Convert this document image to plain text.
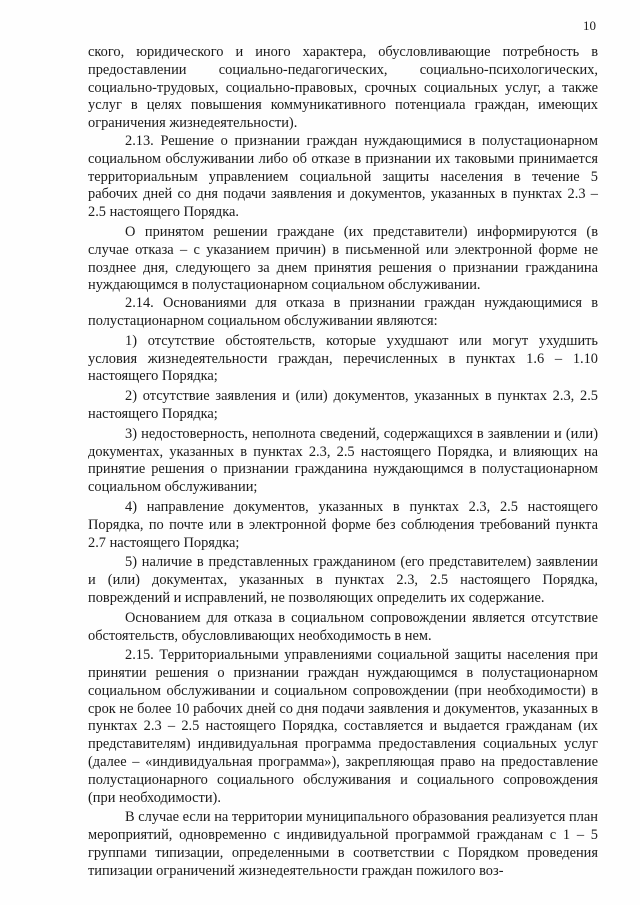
10

ского, юридического и иного характера, обусловливающие потребность в предоставлении социально-педагогических, социально-психологических, социально-трудовых, социально-правовых, срочных социальных услуг, а также услуг в целях повышения коммуникативного потенциала граждан, имеющих ограничения жизнедеятельности).

2.13. Решение о признании граждан нуждающимися в полустационарном социальном обслуживании либо об отказе в признании их таковыми принимается территориальным управлением социальной защиты населения в течение 5 рабочих дней со дня подачи заявления и документов, указанных в пунктах 2.3 – 2.5 настоящего Порядка.

О принятом решении граждане (их представители) информируются (в случае отказа – с указанием причин) в письменной или электронной форме не позднее дня, следующего за днем принятия решения о признании гражданина нуждающимся в полустационарном социальном обслуживании.

2.14. Основаниями для отказа в признании граждан нуждающимися в полустационарном социальном обслуживании являются:

1) отсутствие обстоятельств, которые ухудшают или могут ухудшить условия жизнедеятельности граждан, перечисленных в пунктах 1.6 – 1.10 настоящего Порядка;

2) отсутствие заявления и (или) документов, указанных в пунктах 2.3, 2.5 настоящего Порядка;

3) недостоверность, неполнота сведений, содержащихся в заявлении и (или) документах, указанных в пунктах 2.3, 2.5 настоящего Порядка, и влияющих на принятие решения о признании гражданина нуждающимся в полустационарном социальном обслуживании;

4) направление документов, указанных в пунктах 2.3, 2.5 настоящего Порядка, по почте или в электронной форме без соблюдения требований пункта 2.7 настоящего Порядка;

5) наличие в представленных гражданином (его представителем) заявлении и (или) документах, указанных в пунктах 2.3, 2.5 настоящего Порядка, повреждений и исправлений, не позволяющих определить их содержание.

Основанием для отказа в социальном сопровождении является отсутствие обстоятельств, обусловливающих необходимость в нем.

2.15. Территориальными управлениями социальной защиты населения при принятии решения о признании граждан нуждающимся в полустационарном социальном обслуживании и социальном сопровождении (при необходимости) в срок не более 10 рабочих дней со дня подачи заявления и документов, указанных в пунктах 2.3 – 2.5 настоящего Порядка, составляется и выдается гражданам (их представителям) индивидуальная программа предоставления социальных услуг (далее – «индивидуальная программа»), закрепляющая право на предоставление полустационарного социального обслуживания и социального сопровождения (при необходимости).

В случае если на территории муниципального образования реализуется план мероприятий, одновременно с индивидуальной программой гражданам с 1 – 5 группами типизации, определенными в соответствии с Порядком проведения типизации ограничений жизнедеятельности граждан пожилого воз-
